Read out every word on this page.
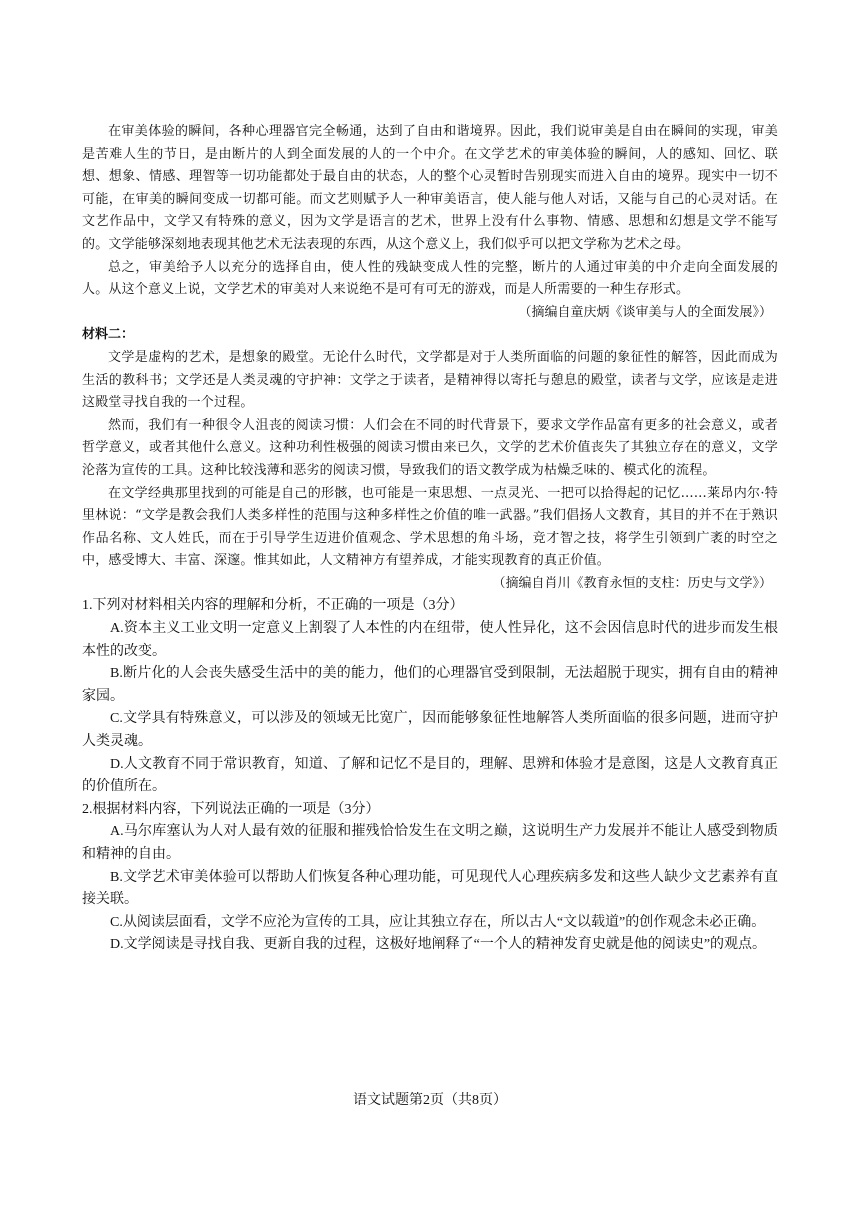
在审美体验的瞬间，各种心理器官完全畅通，达到了自由和谐境界。因此，我们说审美是自由在瞬间的实现，审美是苦难人生的节日，是由断片的人到全面发展的人的一个中介。在文学艺术的审美体验的瞬间，人的感知、回忆、联想、想象、情感、理智等一切功能都处于最自由的状态，人的整个心灵暂时告别现实而进入自由的境界。现实中一切不可能，在审美的瞬间变成一切都可能。而文艺则赋予人一种审美语言，使人能与他人对话，又能与自己的心灵对话。在文艺作品中，文学又有特殊的意义，因为文学是语言的艺术，世界上没有什么事物、情感、思想和幻想是文学不能写的。文学能够深刻地表现其他艺术无法表现的东西，从这个意义上，我们似乎可以把文学称为艺术之母。

总之，审美给予人以充分的选择自由，使人性的残缺变成人性的完整，断片的人通过审美的中介走向全面发展的人。从这个意义上说，文学艺术的审美对人来说绝不是可有可无的游戏，而是人所需要的一种生存形式。

（摘编自童庆炳《谈审美与人的全面发展》）

材料二：

文学是虚构的艺术，是想象的殿堂。无论什么时代，文学都是对于人类所面临的问题的象征性的解答，因此而成为生活的教科书；文学还是人类灵魂的守护神：文学之于读者，是精神得以寄托与憩息的殿堂，读者与文学，应该是走进这殿堂寻找自我的一个过程。

然而，我们有一种很令人沮丧的阅读习惯：人们会在不同的时代背景下，要求文学作品富有更多的社会意义，或者哲学意义，或者其他什么意义。这种功利性极强的阅读习惯由来已久，文学的艺术价值丧失了其独立存在的意义，文学沦落为宣传的工具。这种比较浅薄和恶劣的阅读习惯，导致我们的语文教学成为枯燥乏味的、模式化的流程。

在文学经典那里找到的可能是自己的形骸，也可能是一束思想、一点灵光、一把可以拾得起的记忆……莱昂内尔·特里林说：“文学是教会我们人类多样性的范围与这种多样性之价值的唯一武器。”我们倡扬人文教育，其目的并不在于熟识作品名称、文人姓氏，而在于引导学生迈进价值观念、学术思想的角斗场，竞才智之技，将学生引领到广袤的时空之中，感受博大、丰富、深邃。惟其如此，人文精神方有望养成，才能实现教育的真正价值。

（摘编自肖川《教育永恒的支柱：历史与文学》）

1.下列对材料相关内容的理解和分析，不正确的一项是（3分）

A.资本主义工业文明一定意义上割裂了人本性的内在纽带，使人性异化，这不会因信息时代的进步而发生根本性的改变。

B.断片化的人会丧失感受生活中的美的能力，他们的心理器官受到限制，无法超脱于现实，拥有自由的精神家园。

C.文学具有特殊意义，可以涉及的领域无比宽广，因而能够象征性地解答人类所面临的很多问题，进而守护人类灵魂。

D.人文教育不同于常识教育，知道、了解和记忆不是目的，理解、思辨和体验才是意图，这是人文教育真正的价值所在。

2.根据材料内容，下列说法正确的一项是（3分）

A.马尔库塞认为人对人最有效的征服和摧残恰恰发生在文明之巅，这说明生产力发展并不能让人感受到物质和精神的自由。

B.文学艺术审美体验可以帮助人们恢复各种心理功能，可见现代人心理疾病多发和这些人缺少文艺素养有直接关联。

C.从阅读层面看，文学不应沦为宣传的工具，应让其独立存在，所以古人“文以载道”的创作观念未必正确。

D.文学阅读是寻找自我、更新自我的过程，这极好地阐释了“一个人的精神发育史就是他的阅读史”的观点。

语文试题第2页（共8页）
